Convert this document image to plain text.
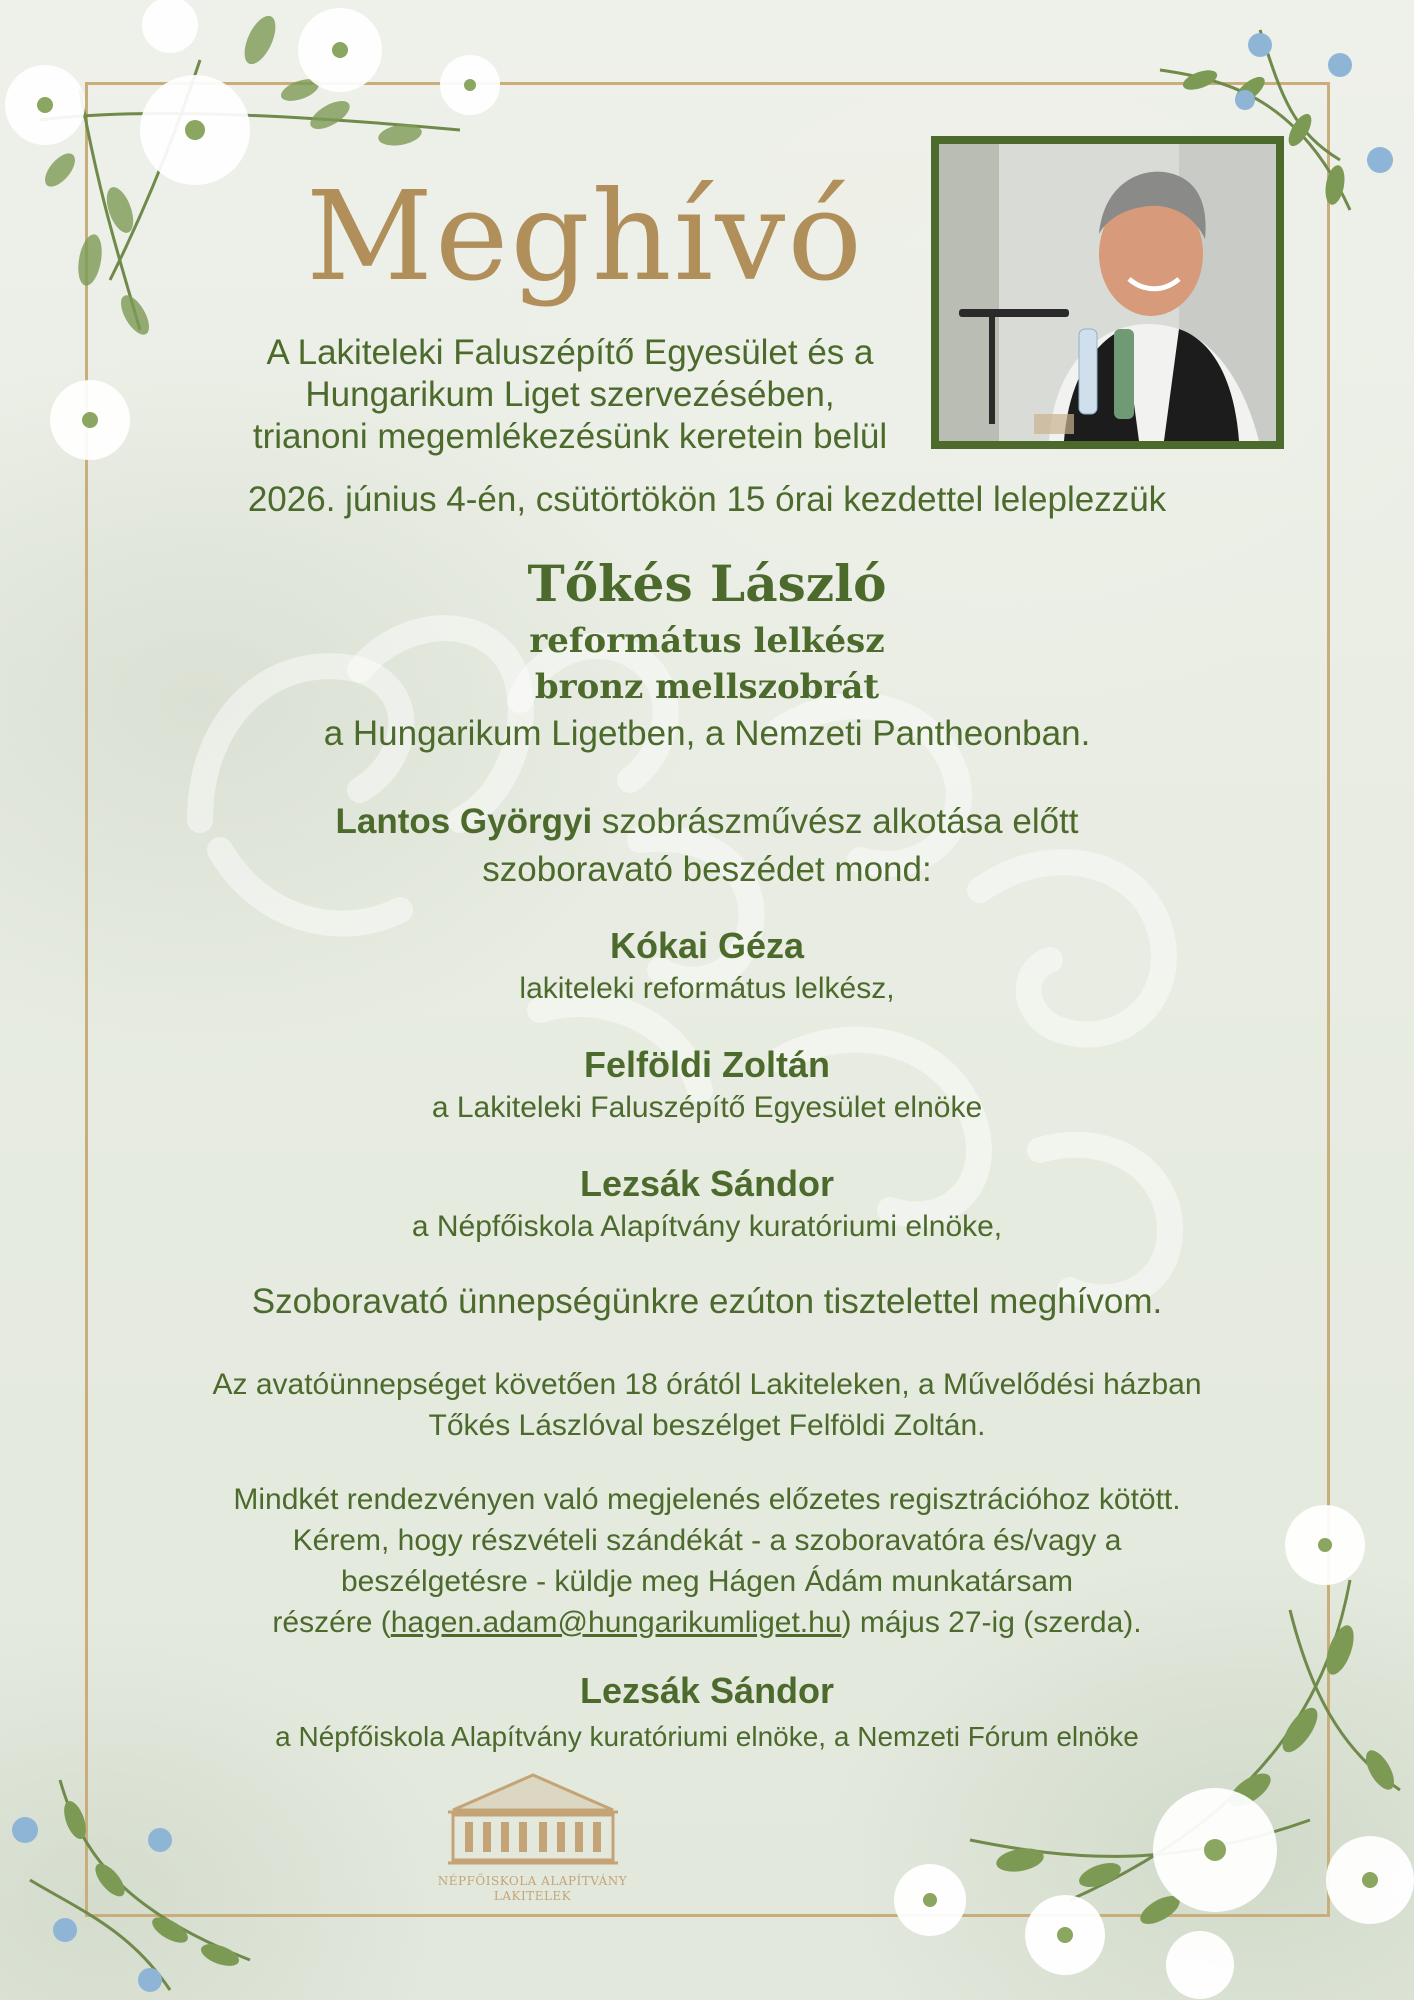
Meghívó
A Lakiteleki Faluszépítő Egyesület és a
Hungarikum Liget szervezésében,
trianoni megemlékezésünk keretein belül
2026. június 4-én, csütörtökön 15 órai kezdettel leleplezzük
Tőkés László
református lelkész
bronz mellszobrát
a Hungarikum Ligetben, a Nemzeti Pantheonban.
Lantos Györgyi szobrászművész alkotása előtt
szoboravató beszédet mond:
Kókai Géza
lakiteleki református lelkész,
Felföldi Zoltán
a Lakiteleki Faluszépítő Egyesület elnöke
Lezsák Sándor
a Népfőiskola Alapítvány kuratóriumi elnöke,
Szoboravató ünnepségünkre ezúton tisztelettel meghívom.
Az avatóünnepséget követően 18 órától Lakiteleken, a Művelődési házban
Tőkés Lászlóval beszélget Felföldi Zoltán.
Mindkét rendezvényen való megjelenés előzetes regisztrációhoz kötött.
Kérem, hogy részvételi szándékát - a szoboravatóra és/vagy a
beszélgetésre - küldje meg Hágen Ádám munkatársam
részére (hagen.adam@hungarikumliget.hu) május 27-ig (szerda).
Lezsák Sándor
a Népfőiskola Alapítvány kuratóriumi elnöke, a Nemzeti Fórum elnöke
NÉPFŐISKOLA ALAPÍTVÁNY
LAKITELEK
